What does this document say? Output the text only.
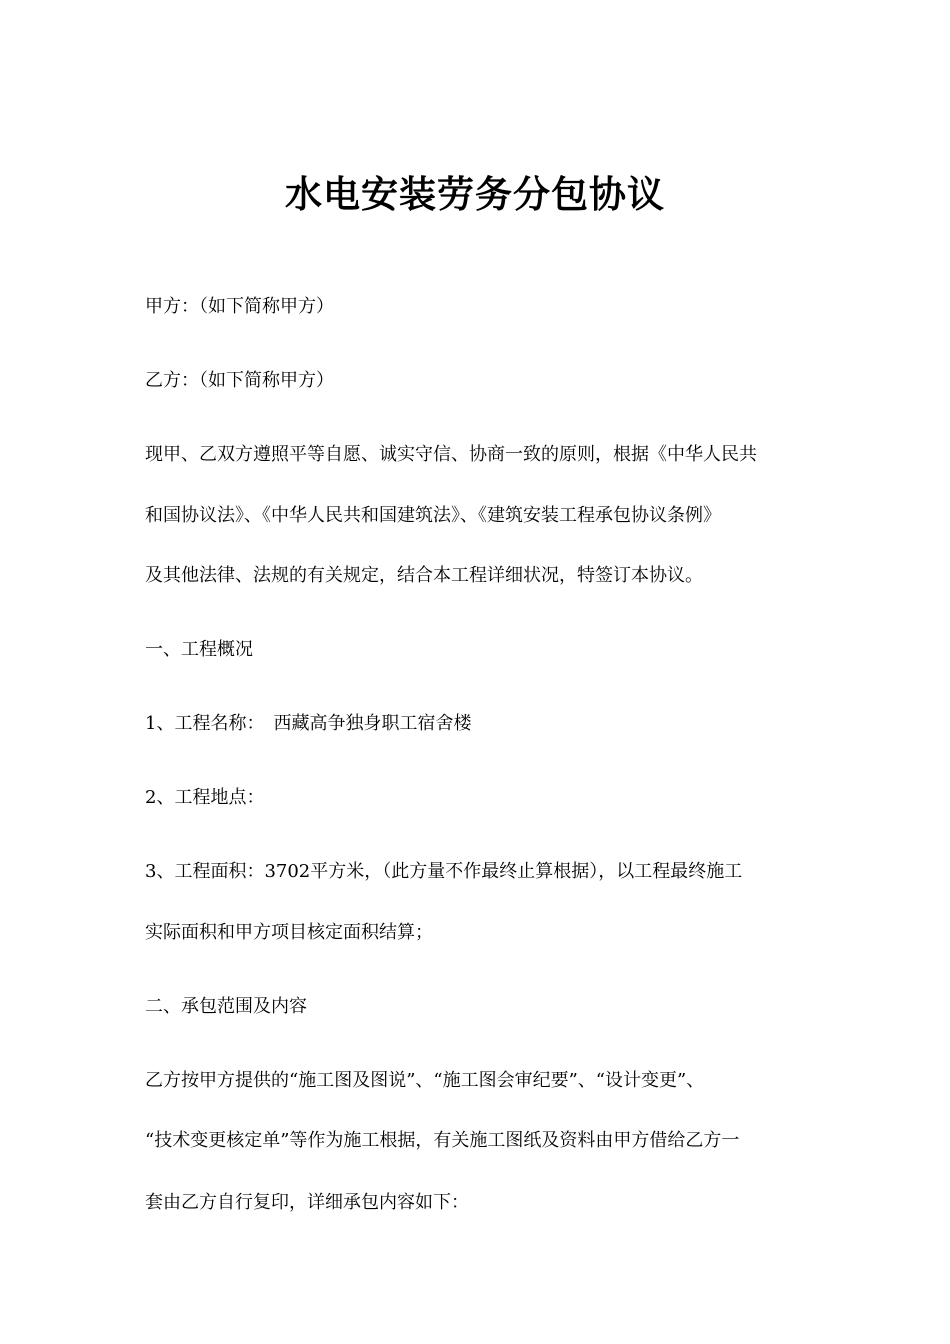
水电安装劳务分包协议
甲方：（如下简称甲方）
乙方：（如下简称甲方）
现甲、乙双方遵照平等自愿、诚实守信、协商一致的原则，根据《中华人民共
和国协议法》、《中华人民共和国建筑法》、《建筑安装工程承包协议条例》
及其他法律、法规的有关规定，结合本工程详细状况，特签订本协议。
一、工程概况
1、工程名称：　西藏高争独身职工宿舍楼
2、工程地点：
3、工程面积：3702平方米，（此方量不作最终止算根据），以工程最终施工
实际面积和甲方项目核定面积结算；
二、承包范围及内容
乙方按甲方提供的“施工图及图说”、“施工图会审纪要”、“设计变更”、
“技术变更核定单”等作为施工根据，有关施工图纸及资料由甲方借给乙方一
套由乙方自行复印，详细承包内容如下：
